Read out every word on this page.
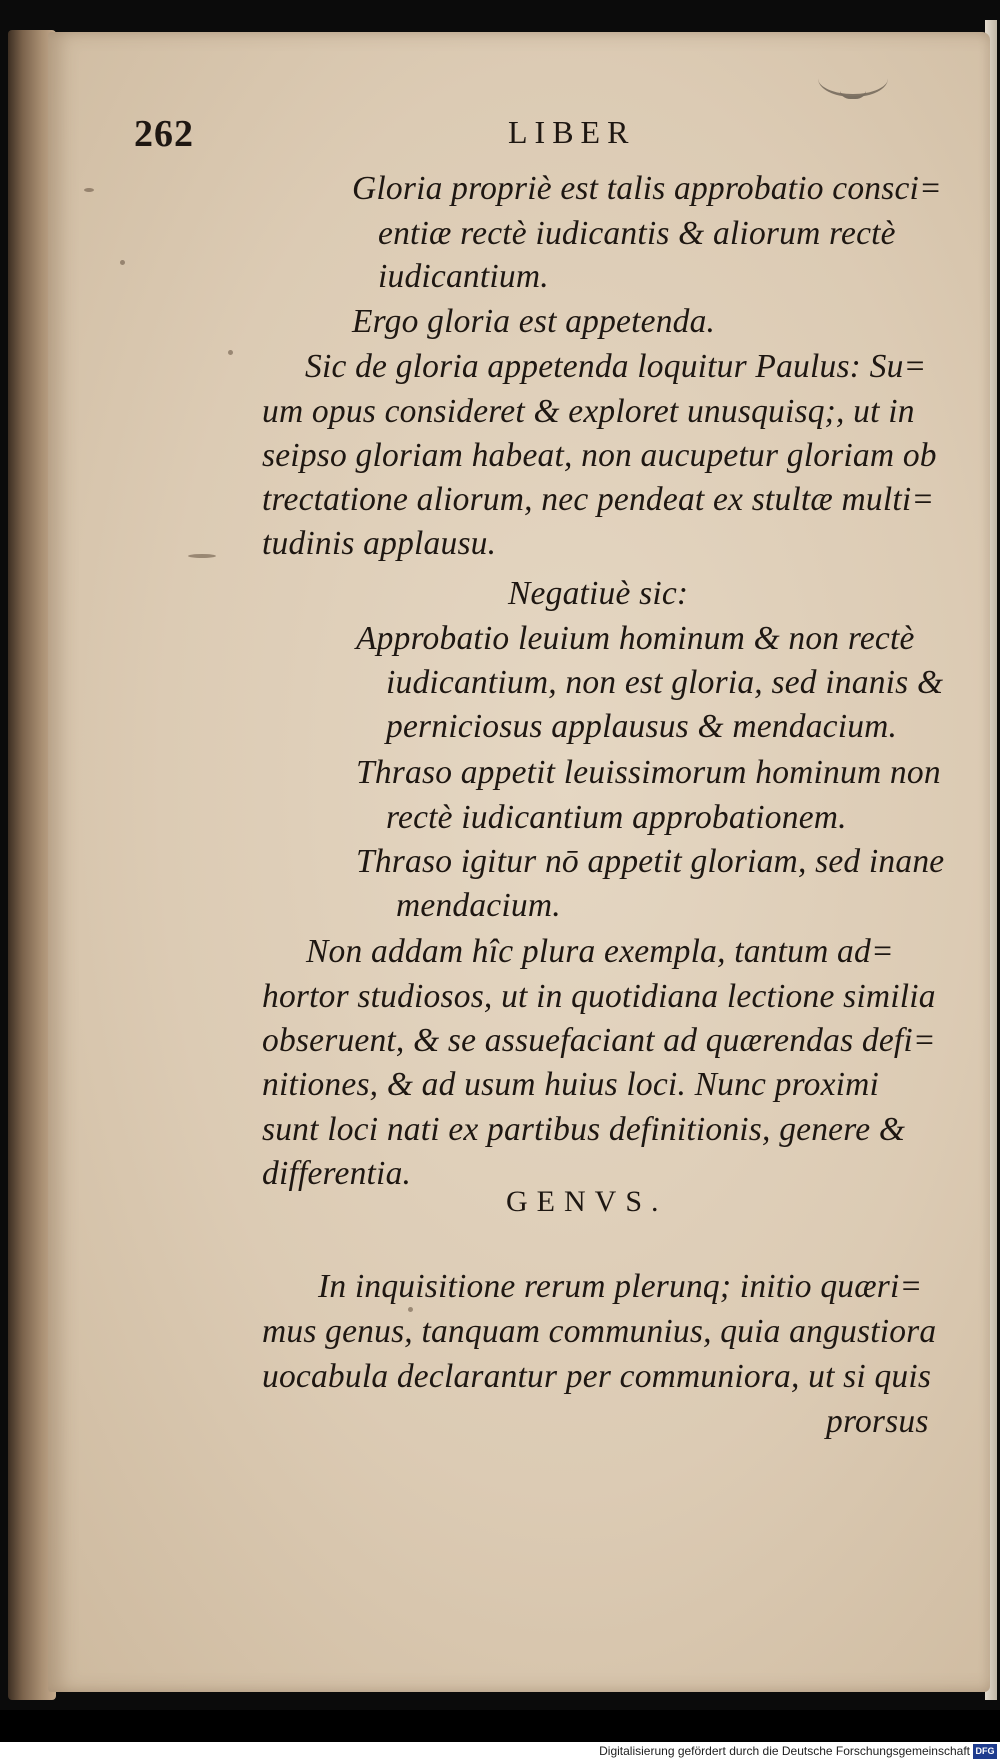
262	LIBER
Gloria propriè est talis approbatio consci=
entiæ rectè iudicantis & aliorum rectè
iudicantium.
Ergo gloria est appetenda.
Sic de gloria appetenda loquitur Paulus: Su=
um opus consideret & exploret unusquisq;, ut in
seipso gloriam habeat, non aucupetur gloriam ob
trectatione aliorum, nec pendeat ex stultæ multi=
tudinis applausu.
Negatiuè sic:
Approbatio leuium hominum & non rectè
iudicantium, non est gloria, sed inanis &
perniciosus applausus & mendacium.
Thraso appetit leuissimorum hominum non
rectè iudicantium approbationem.
Thraso igitur nō appetit gloriam, sed inane
mendacium.
Non addam hîc plura exempla, tantum ad=
hortor studiosos, ut in quotidiana lectione similia
obseruent, & se assuefaciant ad quærendas defi=
nitiones, & ad usum huius loci. Nunc proximi
sunt loci nati ex partibus definitionis, genere &
differentia.
GENVS.
In inquisitione rerum plerunq; initio quæri=
mus genus, tanquam communius, quia angustiora
uocabula declarantur per communiora, ut si quis
prorsus
Digitalisierung gefördert durch die Deutsche Forschungsgemeinschaft DFG
